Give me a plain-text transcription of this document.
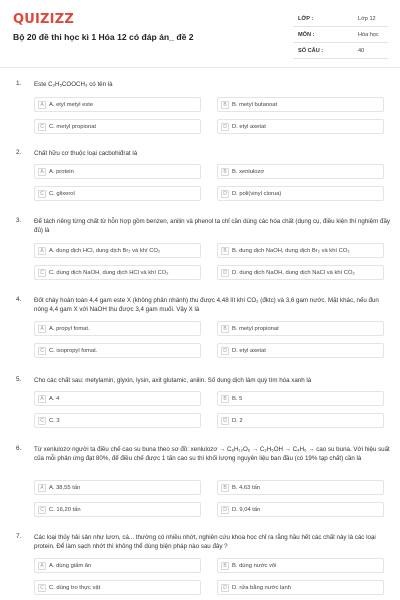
QUIZIZZ
Bộ 20 đề thi học kì 1 Hóa 12 có đáp án_ đề 2
LỚP :	Lớp 12
MÔN :	Hóa học
SỐ CÂU :	40
1. Este C₂H₅COOCH₃ có tên là
A A. etyl metyl este	B B. metyl butanoat
C C. metyl propionat	D D. etyl axetat
2. Chất hữu cơ thuộc loại cacbohiđrat là
A A. protein	B B. xenlulozơ
C C. glixerol	D D. poli(vinyl clorua)
3. Để tách riêng từng chất từ hỗn hợp gồm benzen, anilin và phenol ta chỉ cần dùng các hóa chất (dụng cụ, điều kiện thí nghiệm đầy đủ) là
A A. dung dịch HCl, dung dịch Br₂ và khí CO₂	B B. dung dịch NaOH, dung dịch Br₂ và khí CO₂
C C. dung dịch NaOH, dung dịch HCl và khí CO₂	D D. dung dịch NaOH, dung dịch NaCl và khí CO₂
4. Đốt cháy hoàn toàn 4,4 gam este X (không phân nhánh) thu được 4,48 lít khí CO₂ (đktc) và 3,6 gam nước. Mặt khác, nếu đun nóng 4,4 gam X với NaOH thu được 3,4 gam muối. Vậy X là
A A. propyl fomat.	B B. metyl propionat
C C. isopropyl fomat.	D D. etyl axetat
5. Cho các chất sau: metylamin, glyxin, lysin, axit glutamic, anilin. Số dung dịch làm quỳ tím hóa xanh là
A A. 4	B B. 5
C C. 3	D D. 2
6. Từ xenlulozơ người ta điều chế cao su buna theo sơ đồ: xenlulozơ → C₆H₁₂O₆ → C₂H₅OH → C₄H₆ → cao su buna. Với hiệu suất của mỗi phản ứng đạt 80%, để điều chế được 1 tấn cao su thì khối lượng nguyên liệu ban đầu (có 19% tạp chất) cần là
A A. 38,55 tấn	B B. 4,63 tấn
C C. 16,20 tấn	D D. 9,04 tấn
7. Các loại thủy hải sản như lươn, cá... thường có nhiều nhớt, nghiên cứu khoa học chỉ ra rằng hầu hết các chất này là các loại protein. Để làm sạch nhớt thì không thể dùng biện pháp nào sau đây ?
A A. dùng giấm ăn	B B. dùng nước vôi
C C. dùng tro thực vật	D D. rửa bằng nước lạnh
